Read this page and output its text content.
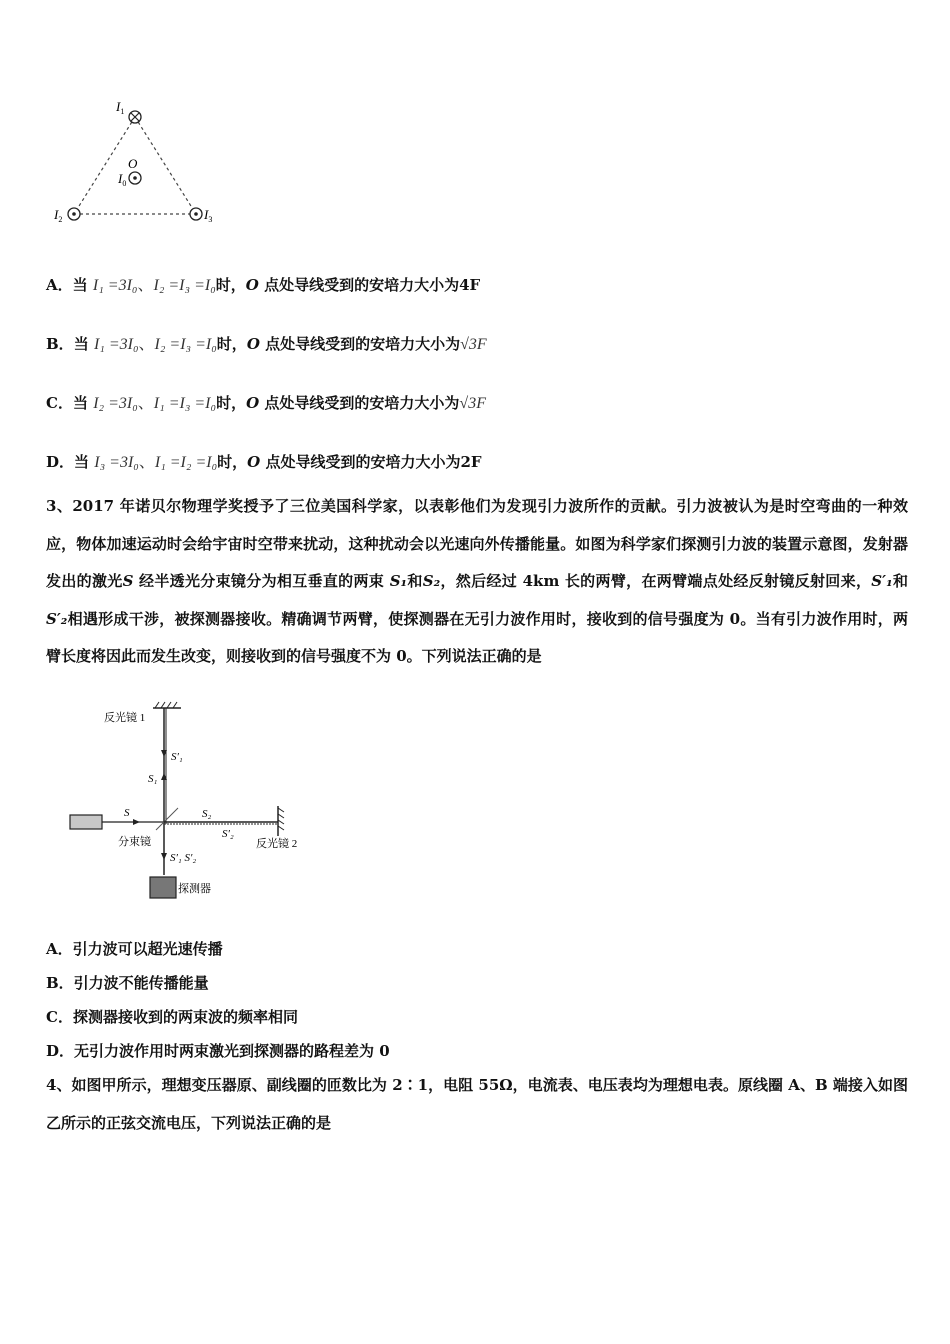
$I_1$
O
$I_0$
$I_2$	$I_3$
A．当 I₁ =3I₀、I₂ =I₃ =I₀时，O 点处导线受到的安培力大小为4F
B．当 I₁ =3I₀、I₂ =I₃ =I₀时，O 点处导线受到的安培力大小为√3F
C．当 I₂ =3I₀、I₁ =I₃ =I₀时，O 点处导线受到的安培力大小为√3F
D．当 I₃ =3I₀、I₁ =I₂ =I₀时，O 点处导线受到的安培力大小为2F
3、2017 年诺贝尔物理学奖授予了三位美国科学家，以表彰他们为发现引力波所作的贡献。引力波被认为是时空弯曲的一种效应，物体加速运动时会给宇宙时空带来扰动，这种扰动会以光速向外传播能量。如图为科学家们探测引力波的装置示意图，发射器发出的激光S 经半透光分束镜分为相互垂直的两束 S₁和S₂，然后经过 4km 长的两臂，在两臂端点处经反射镜反射回来，S′₁和S′₂相遇形成干涉，被探测器接收。精确调节两臂，使探测器在无引力波作用时，接收到的信号强度为 0。当有引力波作用时，两臂长度将因此而发生改变，则接收到的信号强度不为 0。下列说法正确的是
反光镜 1
S′₁
S₁
S
分束镜
S₂
S′₂
反光镜 2
S′₁ S′₂
探测器
A．引力波可以超光速传播
B．引力波不能传播能量
C．探测器接收到的两束波的频率相同
D．无引力波作用时两束激光到探测器的路程差为 0
4、如图甲所示，理想变压器原、副线圈的匝数比为 2∶1，电阻 55Ω，电流表、电压表均为理想电表。原线圈 A、B 端接入如图乙所示的正弦交流电压，下列说法正确的是
